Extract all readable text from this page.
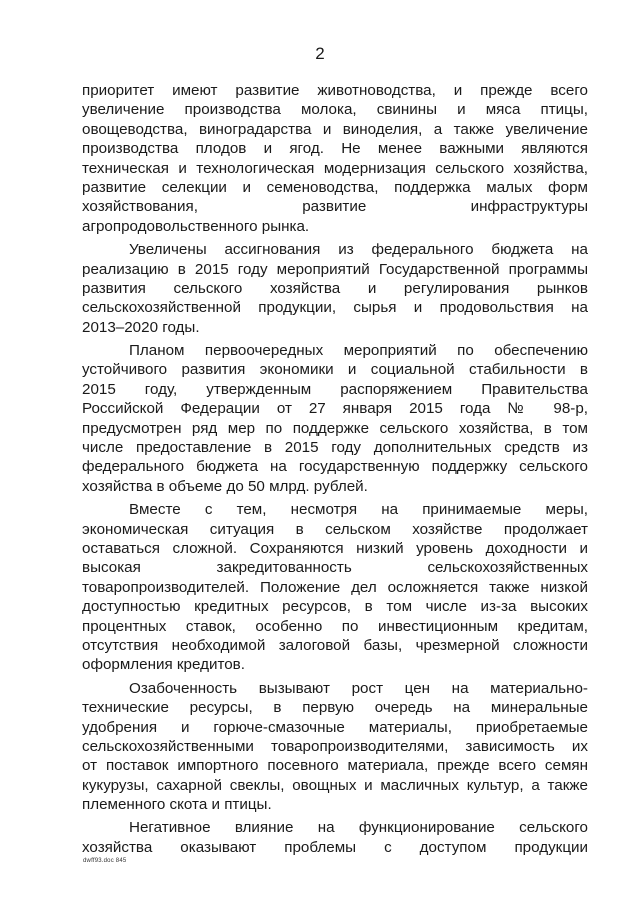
2
приоритет имеют развитие животноводства, и прежде всего
увеличение производства молока, свинины и мяса птицы,
овощеводства, виноградарства и виноделия, а также увеличение
производства плодов и ягод. Не менее важными являются
техническая и технологическая модернизация сельского хозяйства,
развитие селекции и семеноводства, поддержка малых форм
хозяйствования, развитие инфраструктуры
агропродовольственного рынка.
Увеличены ассигнования из федерального бюджета на
реализацию в 2015 году мероприятий Государственной программы
развития сельского хозяйства и регулирования рынков
сельскохозяйственной продукции, сырья и продовольствия на
2013–2020 годы.
Планом первоочередных мероприятий по обеспечению
устойчивого развития экономики и социальной стабильности в
2015 году, утвержденным распоряжением Правительства
Российской Федерации от 27 января 2015 года № 98-р,
предусмотрен ряд мер по поддержке сельского хозяйства, в том
числе предоставление в 2015 году дополнительных средств из
федерального бюджета на государственную поддержку сельского
хозяйства в объеме до 50 млрд. рублей.
Вместе с тем, несмотря на принимаемые меры,
экономическая ситуация в сельском хозяйстве продолжает
оставаться сложной. Сохраняются низкий уровень доходности и
высокая закредитованность сельскохозяйственных
товаропроизводителей. Положение дел осложняется также низкой
доступностью кредитных ресурсов, в том числе из-за высоких
процентных ставок, особенно по инвестиционным кредитам,
отсутствия необходимой залоговой базы, чрезмерной сложности
оформления кредитов.
Озабоченность вызывают рост цен на материально-
технические ресурсы, в первую очередь на минеральные
удобрения и горюче-смазочные материалы, приобретаемые
сельскохозяйственными товаропроизводителями, зависимость их
от поставок импортного посевного материала, прежде всего семян
кукурузы, сахарной свеклы, овощных и масличных культур, а также
племенного скота и птицы.
Негативное влияние на функционирование сельского
хозяйства оказывают проблемы с доступом продукции
dwff93.doc 845
